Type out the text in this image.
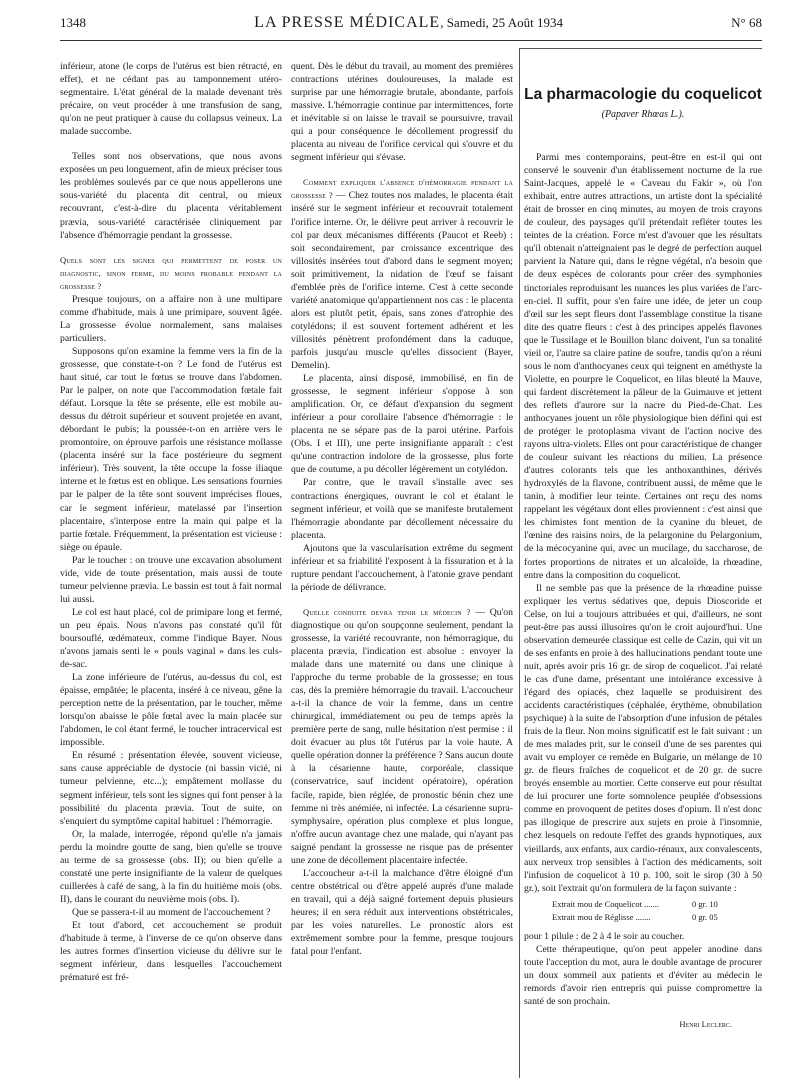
1348	LA PRESSE MÉDICALE, Samedi, 25 Août 1934	N° 68

inférieur, atone (le corps de l'utérus est bien rétracté, en effet), et ne cédant pas au tamponnement utéro-segmentaire. L'état général de la malade devenant très précaire, on veut procéder à une transfusion de sang, qu'on ne peut pratiquer à cause du collapsus veineux. La malade succombe.

Telles sont nos observations, que nous avons exposées un peu longuement, afin de mieux préciser tous les problèmes soulevés par ce que nous appellerons une sous-variété du placenta dit central, ou mieux recouvrant, c'est-à-dire du placenta véritablement prævia, sous-variété caractérisée cliniquement par l'absence d'hémorragie pendant la grossesse.

Quels sont les signes qui permettent de poser un diagnostic, sinon ferme, du moins probable pendant la grossesse ?

Presque toujours, on a affaire non à une multipare comme d'habitude, mais à une primipare, souvent âgée. La grossesse évolue normalement, sans malaises particuliers.

Supposons qu'on examine la femme vers la fin de la grossesse, que constate-t-on ? Le fond de l'utérus est haut situé, car tout le fœtus se trouve dans l'abdomen. Par le palper, on note que l'accommodation fœtale fait défaut. Lorsque la tête se présente, elle est mobile au-dessus du détroit supérieur et souvent projetée en avant, débordant le pubis; la poussée-t-on en arrière vers le promontoire, on éprouve parfois une résistance mollasse (placenta inséré sur la face postérieure du segment inférieur). Très souvent, la tête occupe la fosse iliaque interne et le fœtus est en oblique. Les sensations fournies par le palper de la tête sont souvent imprécises floues, car le segment inférieur, matelassé par l'insertion placentaire, s'interpose entre la main qui palpe et la partie fœtale. Fréquemment, la présentation est vicieuse : siège ou épaule.

Par le toucher : on trouve une excavation absolument vide, vide de toute présentation, mais aussi de toute tumeur pelvienne prævia. Le bassin est tout à fait normal lui aussi.

Le col est haut placé, col de primipare long et fermé, un peu épais. Nous n'avons pas constaté qu'il fût boursouflé, œdémateux, comme l'indique Bayer. Nous n'avons jamais senti le « pouls vaginal » dans les culs-de-sac.

La zone inférieure de l'utérus, au-dessus du col, est épaisse, empâtée; le placenta, inséré à ce niveau, gêne la perception nette de la présentation, par le toucher, même lorsqu'on abaisse le pôle fœtal avec la main placée sur l'abdomen, le col étant fermé, le toucher intracervical est impossible.

En résumé : présentation élevée, souvent vicieuse, sans cause appréciable de dystocie (ni bassin vicié, ni tumeur pelvienne, etc...); empâtement mollasse du segment inférieur, tels sont les signes qui font penser à la possibilité du placenta prævia. Tout de suite, on s'enquiert du symptôme capital habituel : l'hémorragie.

Or, la malade, interrogée, répond qu'elle n'a jamais perdu la moindre goutte de sang, bien qu'elle se trouve au terme de sa grossesse (obs. II); ou bien qu'elle a constaté une perte insignifiante de la valeur de quelques cuillerées à café de sang, à la fin du huitième mois (obs. II), dans le courant du neuvième mois (obs. I).

Que se passera-t-il au moment de l'accouchement ?

Et tout d'abord, cet accouchement se produit d'habitude à terme, à l'inverse de ce qu'on observe dans les autres formes d'insertion vicieuse du délivre sur le segment inférieur, dans lesquelles l'accouchement prématuré est fré-

quent. Dès le début du travail, au moment des premières contractions utérines douloureuses, la malade est surprise par une hémorragie brutale, abondante, parfois massive. L'hémorragie continue par intermittences, forte et inévitable si on laisse le travail se poursuivre, travail qui a pour conséquence le décollement progressif du placenta au niveau de l'orifice cervical qui s'ouvre et du segment inférieur qui s'évase.

Comment expliquer l'absence d'hémorragie pendant la grossesse ? — Chez toutes nos malades, le placenta était inséré sur le segment inférieur et recouvrait totalement l'orifice interne. Or, le délivre peut arriver à recouvrir le col par deux mécanismes différents (Paucot et Reeb) : soit secondairement, par croissance excentrique des villosités insérées tout d'abord dans le segment moyen; soit primitivement, la nidation de l'œuf se faisant d'emblée près de l'orifice interne. C'est à cette seconde variété anatomique qu'appartiennent nos cas : le placenta alors est plutôt petit, épais, sans zones d'atrophie des cotylédons; il est souvent fortement adhérent et les villosités pénètrent profondément dans la caduque, parfois jusqu'au muscle qu'elles dissocient (Bayer, Demelin).

Le placenta, ainsi disposé, immobilisé, en fin de grossesse, le segment inférieur s'oppose à son amplification. Or, ce défaut d'expansion du segment inférieur a pour corollaire l'absence d'hémorragie : le placenta ne se sépare pas de la paroi utérine. Parfois (Obs. I et III), une perte insignifiante apparaît : c'est qu'une contraction indolore de la grossesse, plus forte que de coutume, a pu décoller légèrement un cotylédon.

Par contre, que le travail s'installe avec ses contractions énergiques, ouvrant le col et étalant le segment inférieur, et voilà que se manifeste brutalement l'hémorragie abondante par décollement nécessaire du placenta.

Ajoutons que la vascularisation extrême du segment inférieur et sa friabilité l'exposent à la fissuration et à la rupture pendant l'accouchement, à l'atonie grave pendant la période de délivrance.

Quelle conduite devra tenir le médecin ? — Qu'on diagnostique ou qu'on soupçonne seulement, pendant la grossesse, la variété recouvrante, non hémorragique, du placenta prævia, l'indication est absolue : envoyer la malade dans une maternité ou dans une clinique à l'approche du terme probable de la grossesse; en tous cas, dès la première hémorragie du travail. L'accoucheur a-t-il la chance de voir la femme, dans un centre chirurgical, immédiatement ou peu de temps après la première perte de sang, nulle hésitation n'est permise : il doit évacuer au plus tôt l'utérus par la voie haute. A quelle opération donner la préférence ? Sans aucun doute à la césarienne haute, corporéale, classique (conservatrice, sauf incident opératoire), opération facile, rapide, bien réglée, de pronostic bénin chez une femme ni très anémiée, ni infectée. La césarienne supra-symphysaire, opération plus complexe et plus longue, n'offre aucun avantage chez une malade, qui n'ayant pas saigné pendant la grossesse ne risque pas de présenter une zone de décollement placentaire infectée.

L'accoucheur a-t-il la malchance d'être éloigné d'un centre obstétrical ou d'être appelé auprès d'une malade en travail, qui a déjà saigné fortement depuis plusieurs heures; il en sera réduit aux interventions obstétricales, par les voies naturelles. Le pronostic alors est extrêmement sombre pour la femme, presque toujours fatal pour l'enfant.

La pharmacologie du coquelicot
(Papaver Rhœas L.).

Parmi mes contemporains, peut-être en est-il qui ont conservé le souvenir d'un établissement nocturne de la rue Saint-Jacques, appelé le « Caveau du Fakir », où l'on exhibait, entre autres attractions, un artiste dont la spécialité était de brosser en cinq minutes, au moyen de trois crayons de couleur, des paysages qu'il prétendait refléter toutes les teintes de la création. Force m'est d'avouer que les résultats qu'il obtenait n'atteignaient pas le degré de perfection auquel parvient la Nature qui, dans le règne végétal, n'a besoin que de deux espèces de colorants pour créer des symphonies tinctoriales reproduisant les nuances les plus variées de l'arc-en-ciel. Il suffit, pour s'en faire une idée, de jeter un coup d'œil sur les sept fleurs dont l'assemblage constitue la tisane dite des quatre fleurs : c'est à des principes appelés flavones que le Tussilage et le Bouillon blanc doivent, l'un sa tonalité vieil or, l'autre sa claire patine de soufre, tandis qu'on a réuni sous le nom d'anthocyanes ceux qui teignent en améthyste la Violette, en pourpre le Coquelicot, en lilas bleuté la Mauve, qui fardent discrètement la pâleur de la Guimauve et jettent des reflets d'aurore sur la nacre du Pied-de-Chat. Les anthocyanes jouent un rôle physiologique bien défini qui est de protéger le protoplasma vivant de l'action nocive des rayons ultra-violets. Elles ont pour caractéristique de changer de couleur suivant les réactions du milieu. La présence d'autres colorants tels que les anthoxanthines, dérivés hydroxylés de la flavone, contribuent aussi, de même que le tanin, à modifier leur teinte. Certaines ont reçu des noms rappelant les végétaux dont elles proviennent : c'est ainsi que les chimistes font mention de la cyanine du bleuet, de l'œnine des raisins noirs, de la pelargonine du Pelargonium, de la mécocyanine qui, avec un mucilage, du saccharose, de fortes proportions de nitrates et un alcaloïde, la rhœadine, entre dans la composition du coquelicot.

Il ne semble pas que la présence de la rhœadine puisse expliquer les vertus sédatives que, depuis Dioscoride et Celse, on lui a toujours attribuées et qui, d'ailleurs, ne sont peut-être pas aussi illusoires qu'on le croit aujourd'hui. Une observation demeurée classique est celle de Cazin, qui vit un de ses enfants en proie à des hallucinations pendant toute une nuit, après avoir pris 16 gr. de sirop de coquelicot. J'ai relaté le cas d'une dame, présentant une intolérance excessive à l'égard des opiacés, chez laquelle se produisirent des accidents caractéristiques (céphalée, érythème, obnubilation psychique) à la suite de l'absorption d'une infusion de pétales frais de la fleur. Non moins significatif est le fait suivant : un de mes malades prit, sur le conseil d'une de ses parentes qui avait vu employer ce remède en Bulgarie, un mélange de 10 gr. de fleurs fraîches de coquelicot et de 20 gr. de sucre broyés ensemble au mortier. Cette conserve eut pour résultat de lui procurer une forte somnolence peuplée d'obsessions comme en provoquent de petites doses d'opium. Il n'est donc pas illogique de prescrire aux sujets en proie à l'insomnie, chez lesquels on redoute l'effet des grands hypnotiques, aux vieillards, aux enfants, aux cardio-rénaux, aux convalescents, aux nerveux trop sensibles à l'action des médicaments, soit l'infusion de coquelicot à 10 p. 100, soit le sirop (30 à 50 gr.), soit l'extrait qu'on formulera de la façon suivante :

Extrait mou de Coquelicot .......	0 gr. 10
Extrait mou de Réglisse .......	0 gr. 05

pour 1 pilule : de 2 à 4 le soir au coucher.

Cette thérapeutique, qu'on peut appeler anodine dans toute l'acception du mot, aura le double avantage de procurer un doux sommeil aux patients et d'éviter au médecin le remords d'avoir rien entrepris qui puisse compromettre la santé de son prochain.

Henri Leclerc.
